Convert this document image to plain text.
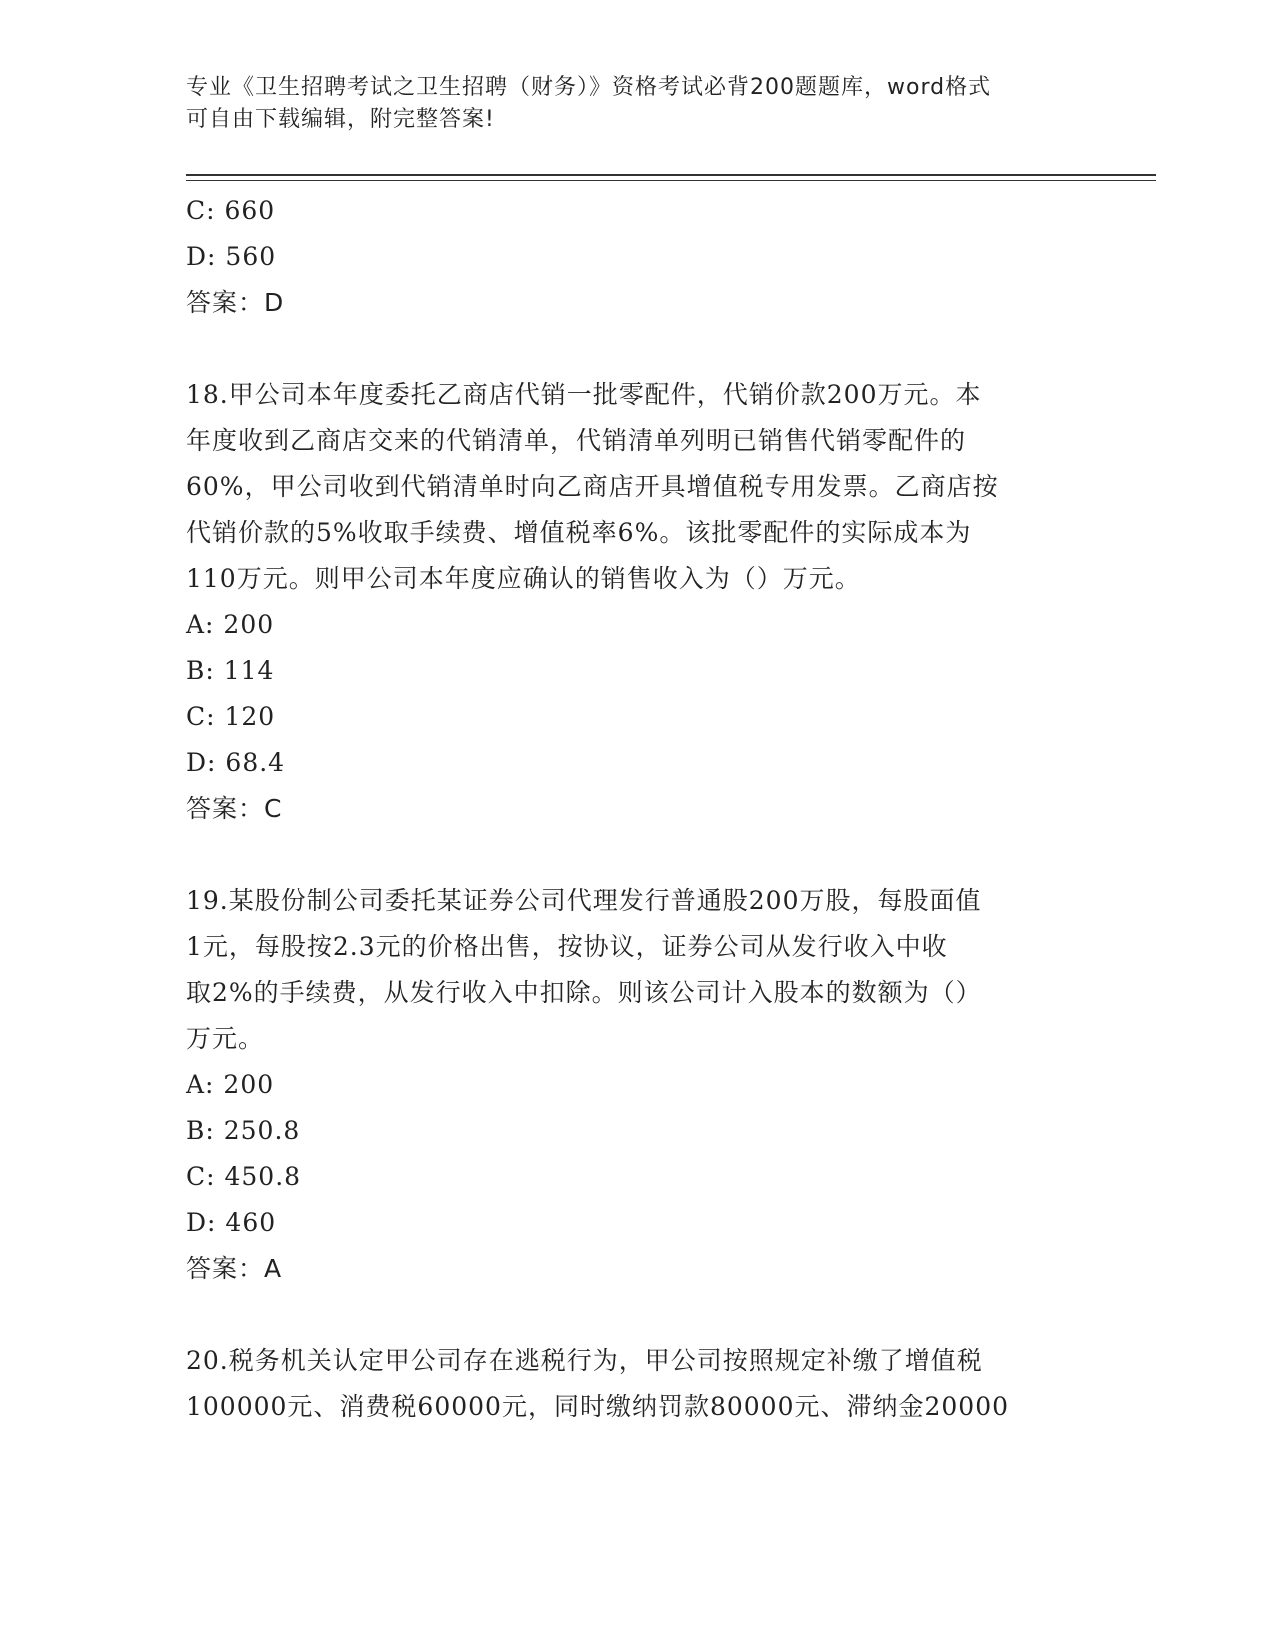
专业《卫生招聘考试之卫生招聘（财务）》资格考试必背200题题库，word格式
可自由下载编辑，附完整答案!
C: 660
D: 560
答案：D
18.甲公司本年度委托乙商店代销一批零配件，代销价款200万元。本
年度收到乙商店交来的代销清单，代销清单列明已销售代销零配件的
60%，甲公司收到代销清单时向乙商店开具增值税专用发票。乙商店按
代销价款的5%收取手续费、增值税率6%。该批零配件的实际成本为
110万元。则甲公司本年度应确认的销售收入为（）万元。
A: 200
B: 114
C: 120
D: 68.4
答案：C
19.某股份制公司委托某证券公司代理发行普通股200万股，每股面值
1元，每股按2.3元的价格出售，按协议，证券公司从发行收入中收
取2%的手续费，从发行收入中扣除。则该公司计入股本的数额为（）
万元。
A: 200
B: 250.8
C: 450.8
D: 460
答案：A
20.税务机关认定甲公司存在逃税行为，甲公司按照规定补缴了增值税
100000元、消费税60000元，同时缴纳罚款80000元、滞纳金20000
